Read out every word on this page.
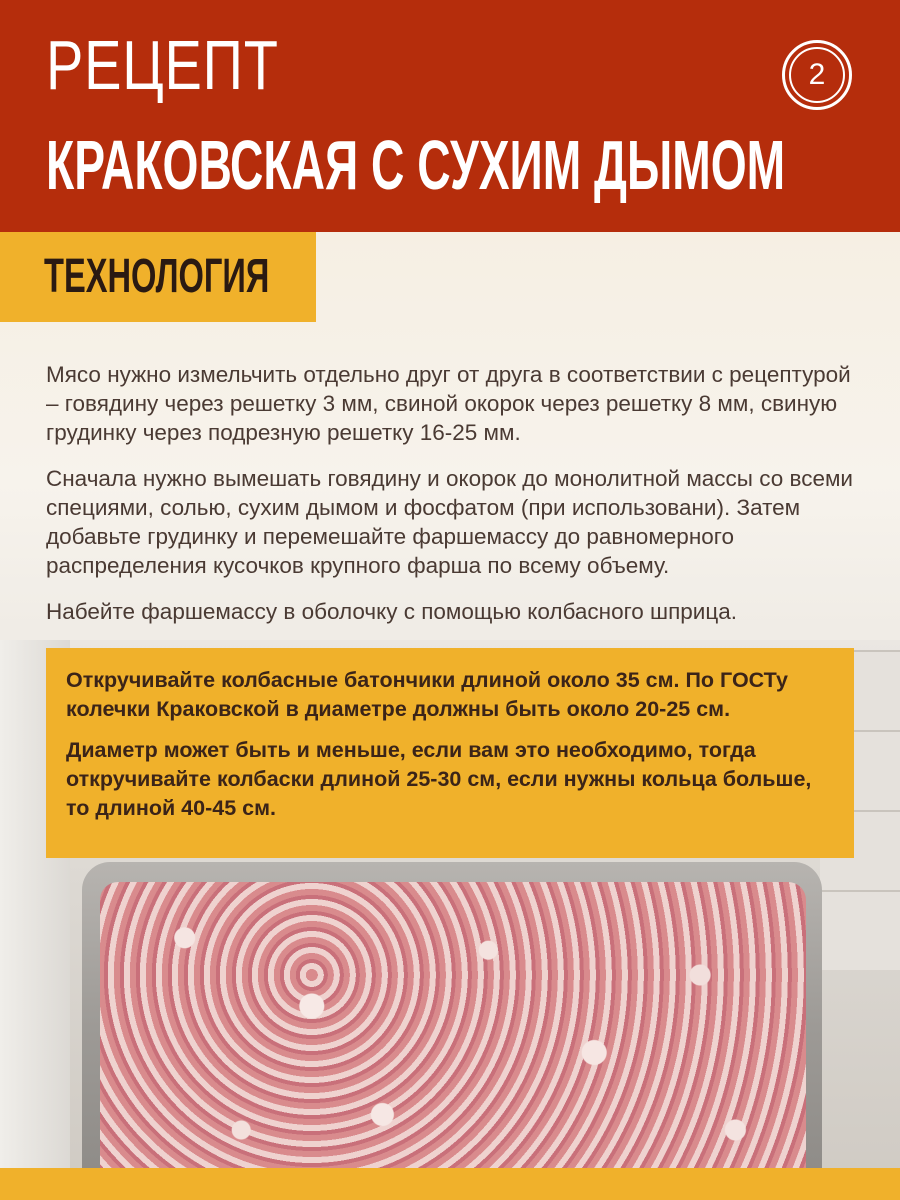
РЕЦЕПТ
КРАКОВСКАЯ С СУХИМ ДЫМОМ
2
ТЕХНОЛОГИЯ

Мясо нужно измельчить отдельно друг от друга в соответствии с рецептурой – говядину через решетку 3 мм, свиной окорок через решетку 8 мм, свиную грудинку через подрезную решетку 16-25 мм.

Сначала нужно вымешать говядину и окорок до монолитной массы со всеми специями, солью, сухим дымом и фосфатом (при использовани). Затем добавьте грудинку и перемешайте фаршемассу до равномерного распределения кусочков крупного фарша по всему объему.

Набейте фаршемассу в оболочку с помощью колбасного шприца.

Откручивайте колбасные батончики длиной около 35 см. По ГОСТу колечки Краковской в диаметре должны быть около 20-25 см.

Диаметр может быть и меньше, если вам это необходимо, тогда откручивайте колбаски длиной 25-30 см, если нужны кольца больше, то длиной 40-45 см.
